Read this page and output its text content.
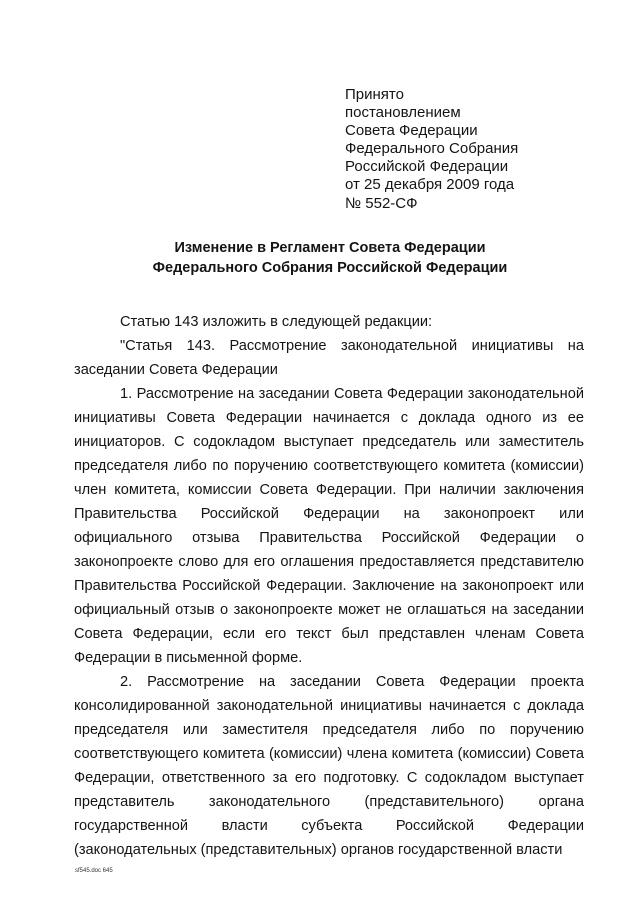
Принято
постановлением
Совета Федерации
Федерального Собрания
Российской Федерации
от 25 декабря 2009 года
№ 552-СФ
Изменение в Регламент Совета Федерации
Федерального Собрания Российской Федерации

Статью 143 изложить в следующей редакции:

"Статья 143. Рассмотрение законодательной инициативы на заседании Совета Федерации

1. Рассмотрение на заседании Совета Федерации законодательной инициативы Совета Федерации начинается с доклада одного из ее инициаторов. С содокладом выступает председатель или заместитель председателя либо по поручению соответствующего комитета (комиссии) член комитета, комиссии Совета Федерации. При наличии заключения Правительства Российской Федерации на законопроект или официального отзыва Правительства Российской Федерации о законопроекте слово для его оглашения предоставляется представителю Правительства Российской Федерации. Заключение на законопроект или официальный отзыв о законопроекте может не оглашаться на заседании Совета Федерации, если его текст был представлен членам Совета Федерации в письменной форме.

2. Рассмотрение на заседании Совета Федерации проекта консолидированной законодательной инициативы начинается с доклада председателя или заместителя председателя либо по поручению соответствующего комитета (комиссии) члена комитета (комиссии) Совета Федерации, ответственного за его подготовку. С содокладом выступает представитель законодательного (представительного) органа государственной власти субъекта Российской Федерации (законодательных (представительных) органов государственной власти

sf545.doc 645
